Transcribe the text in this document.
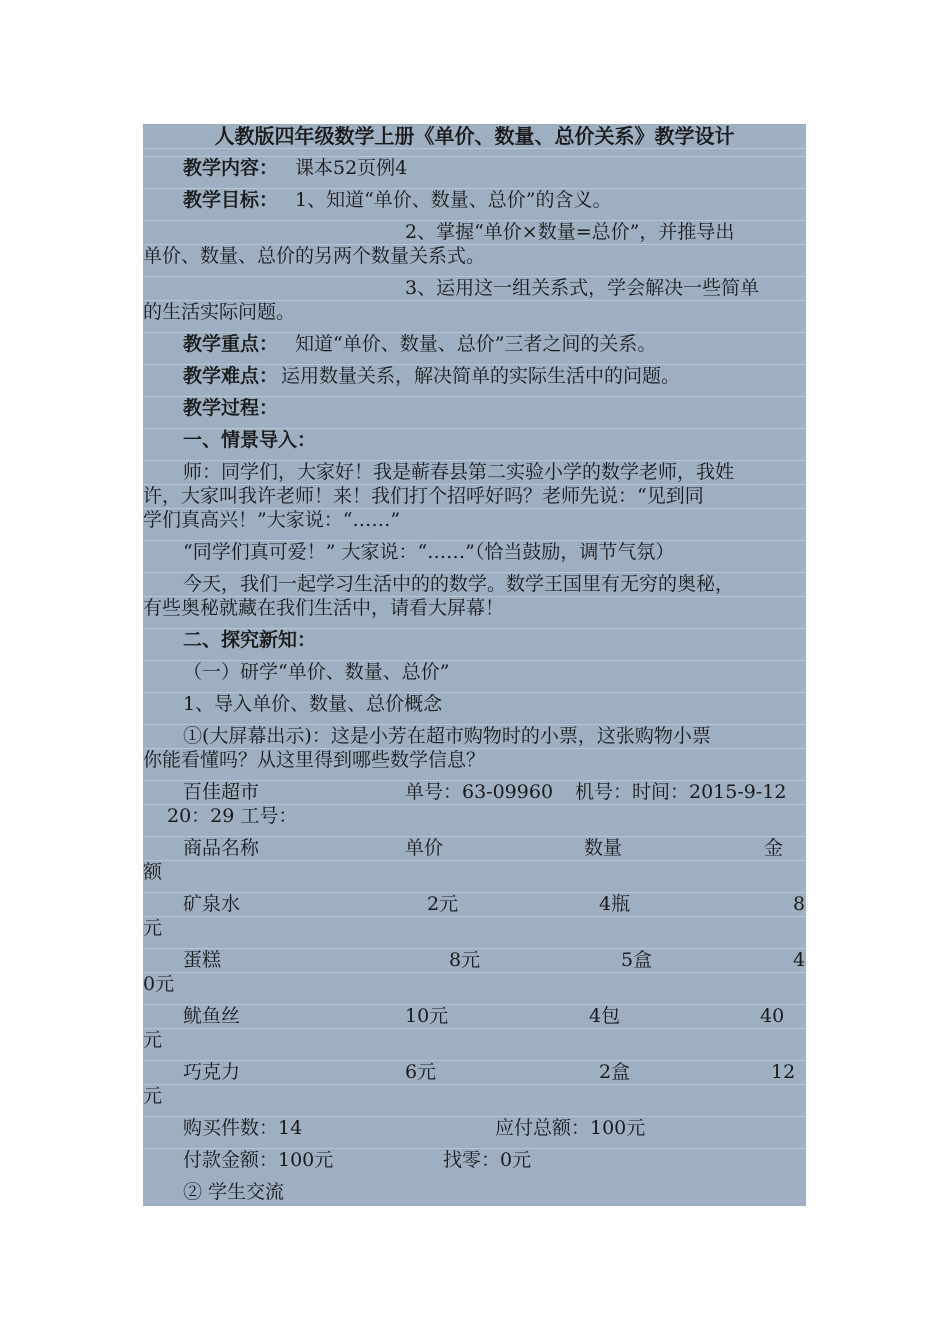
人教版四年级数学上册《单价、数量、总价关系》教学设计
教学内容： 课本52页例4
教学目标： 1、知道“单价、数量、总价”的含义。
2、掌握“单价×数量=总价”，并推导出
单价、数量、总价的另两个数量关系式。
3、运用这一组关系式，学会解决一些简单
的生活实际问题。
教学重点： 知道“单价、数量、总价”三者之间的关系。
教学难点： 运用数量关系，解决简单的实际生活中的问题。
教学过程：
一、情景导入：
师：同学们，大家好！我是蕲春县第二实验小学的数学老师，我姓
许，大家叫我许老师！来！我们打个招呼好吗？老师先说：“见到同
学们真高兴！”大家说：“……”
“同学们真可爱！” 大家说：“……”（恰当鼓励，调节气氛）
今天，我们一起学习生活中的的数学。数学王国里有无穷的奥秘，
有些奥秘就藏在我们生活中，请看大屏幕！
二、探究新知：
（一）研学“单价、数量、总价”
1、导入单价、数量、总价概念
①(大屏幕出示)：这是小芳在超市购物时的小票，这张购物小票
你能看懂吗？从这里得到哪些数学信息？
百佳超市	单号：63-09960 机号：时间：2015-9-12
20：29 工号：
商品名称	单价	数量	金
额
矿泉水	2元	4瓶	8
元
蛋糕	8元	5盒	4
0元
鱿鱼丝	10元	4包	40
元
巧克力	6元	2盒	12
元
购买件数：14	应付总额：100元
付款金额：100元	找零：0元
② 学生交流
